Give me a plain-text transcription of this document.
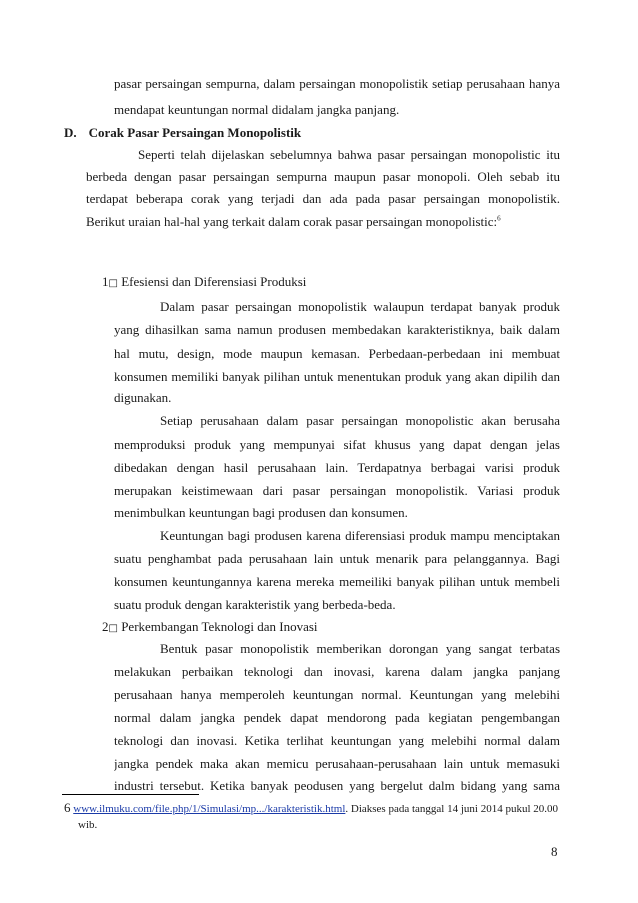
pasar persaingan sempurna, dalam persaingan monopolistik setiap perusahaan hanya
mendapat keuntungan normal didalam jangka panjang.
D. Corak Pasar Persaingan Monopolistik
Seperti telah dijelaskan sebelumnya bahwa pasar persaingan monopolistic itu
berbeda dengan pasar persaingan sempurna maupun pasar monopoli. Oleh sebab itu
terdapat beberapa corak yang terjadi dan ada pada pasar persaingan monopolistik.
Berikut uraian hal-hal yang terkait dalam corak pasar persaingan monopolistic:$^6$
1□ Efesiensi dan Diferensiasi Produksi
Dalam pasar persaingan monopolistik walaupun terdapat banyak produk
yang dihasilkan sama namun produsen membedakan karakteristiknya, baik dalam
hal mutu, design, mode maupun kemasan. Perbedaan-perbedaan ini membuat
konsumen memiliki banyak pilihan untuk menentukan produk yang akan dipilih dan
digunakan.
Setiap perusahaan dalam pasar persaingan monopolistic akan berusaha
memproduksi produk yang mempunyai sifat khusus yang dapat dengan jelas
dibedakan dengan hasil perusahaan lain. Terdapatnya berbagai varisi produk
merupakan keistimewaan dari pasar persaingan monopolistik. Variasi produk
menimbulkan keuntungan bagi produsen dan konsumen.
Keuntungan bagi produsen karena diferensiasi produk mampu menciptakan
suatu penghambat pada perusahaan lain untuk menarik para pelanggannya. Bagi
konsumen keuntungannya karena mereka memeiliki banyak pilihan untuk membeli
suatu produk dengan karakteristik yang berbeda-beda.
2□ Perkembangan Teknologi dan Inovasi
Bentuk pasar monopolistik memberikan dorongan yang sangat terbatas
melakukan perbaikan teknologi dan inovasi, karena dalam jangka panjang
perusahaan hanya memperoleh keuntungan normal. Keuntungan yang melebihi
normal dalam jangka pendek dapat mendorong pada kegiatan pengembangan
teknologi dan inovasi. Ketika terlihat keuntungan yang melebihi normal dalam
jangka pendek maka akan memicu perusahaan-perusahaan lain untuk memasuki
industri tersebut. Ketika banyak peodusen yang bergelut dalm bidang yang sama
6 www.ilmuku.com/file.php/1/Simulasi/mp.../karakteristik.html. Diakses pada tanggal 14 juni 2014 pukul 20.00
wib.
8
